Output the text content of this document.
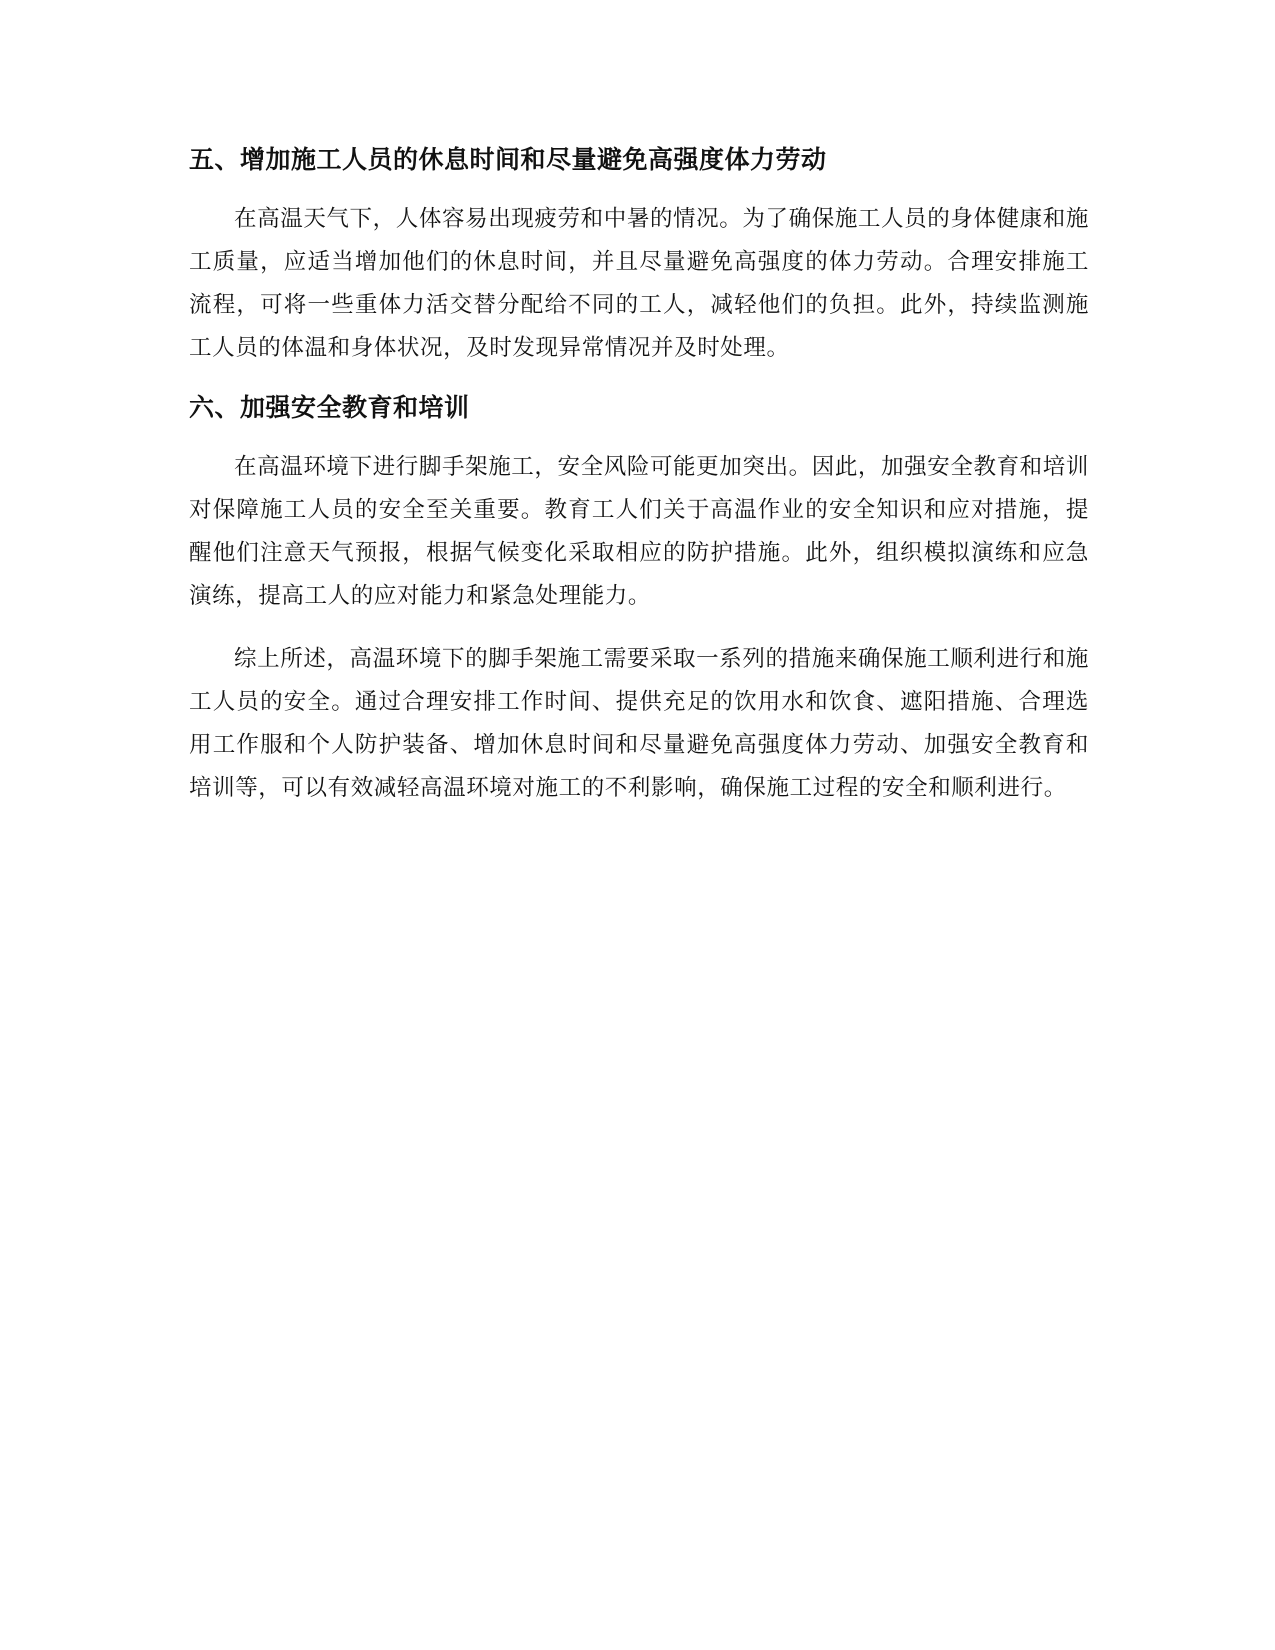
五、增加施工人员的休息时间和尽量避免高强度体力劳动

在高温天气下，人体容易出现疲劳和中暑的情况。为了确保施工人员的身体健康和施工质量，应适当增加他们的休息时间，并且尽量避免高强度的体力劳动。合理安排施工流程，可将一些重体力活交替分配给不同的工人，减轻他们的负担。此外，持续监测施工人员的体温和身体状况，及时发现异常情况并及时处理。

六、加强安全教育和培训

在高温环境下进行脚手架施工，安全风险可能更加突出。因此，加强安全教育和培训对保障施工人员的安全至关重要。教育工人们关于高温作业的安全知识和应对措施，提醒他们注意天气预报，根据气候变化采取相应的防护措施。此外，组织模拟演练和应急演练，提高工人的应对能力和紧急处理能力。

综上所述，高温环境下的脚手架施工需要采取一系列的措施来确保施工顺利进行和施工人员的安全。通过合理安排工作时间、提供充足的饮用水和饮食、遮阳措施、合理选用工作服和个人防护装备、增加休息时间和尽量避免高强度体力劳动、加强安全教育和培训等，可以有效减轻高温环境对施工的不利影响，确保施工过程的安全和顺利进行。
